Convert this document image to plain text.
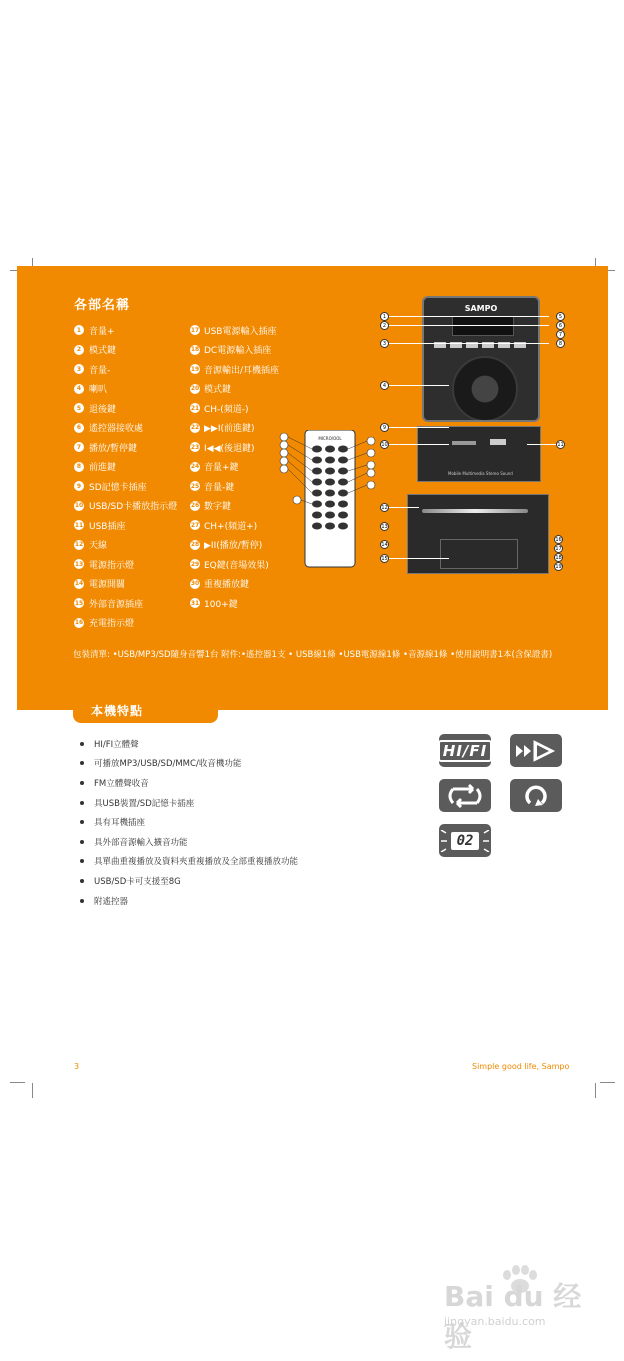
各部名稱
1 音量+
2 模式鍵
3 音量-
4 喇叭
5 退後鍵
6 遙控器接收處
7 播放/暫停鍵
8 前進鍵
9 SD記憶卡插座
10 USB/SD卡播放指示燈
11 USB插座
12 天線
13 電源指示燈
14 電源開關
15 外部音源插座
16 充電指示燈
17 USB電源輸入插座
18 DC電源輸入插座
19 音源輸出/耳機插座
20 模式鍵
21 CH-(頻道-)
22 ▶▶I(前進鍵)
23 I◀◀(後退鍵)
24 音量+鍵
25 音量-鍵
26 數字鍵
27 CH+(頻道+)
28 ▶II(播放/暫停)
29 EQ鍵(音場效果)
30 重複播放鍵
31 100+鍵
MICRO/OOL
SAMPO
Mobile Multimedia Stereo Sound
1
2
3
4
5
6
7
8
9
10	11
12
13
14
15
16
17
18
19
包裝清單: •USB/MP3/SD隨身音響1台 附件:•遙控器1支 • USB線1條 •USB電源線1條 •音源線1條 •使用說明書1本(含保證書)
本機特點
HI/FI立體聲
可播放MP3/USB/SD/MMC/收音機功能
FM立體聲收音
具USB裝置/SD記憶卡插座
具有耳機插座
具外部音源輸入擴音功能
具單曲重複播放及資料夾重複播放及全部重複播放功能
USB/SD卡可支援至8G
附遙控器
HI/FI
02
3	Simple good life, Sampo
Bai du 经验
jingyan.baidu.com
